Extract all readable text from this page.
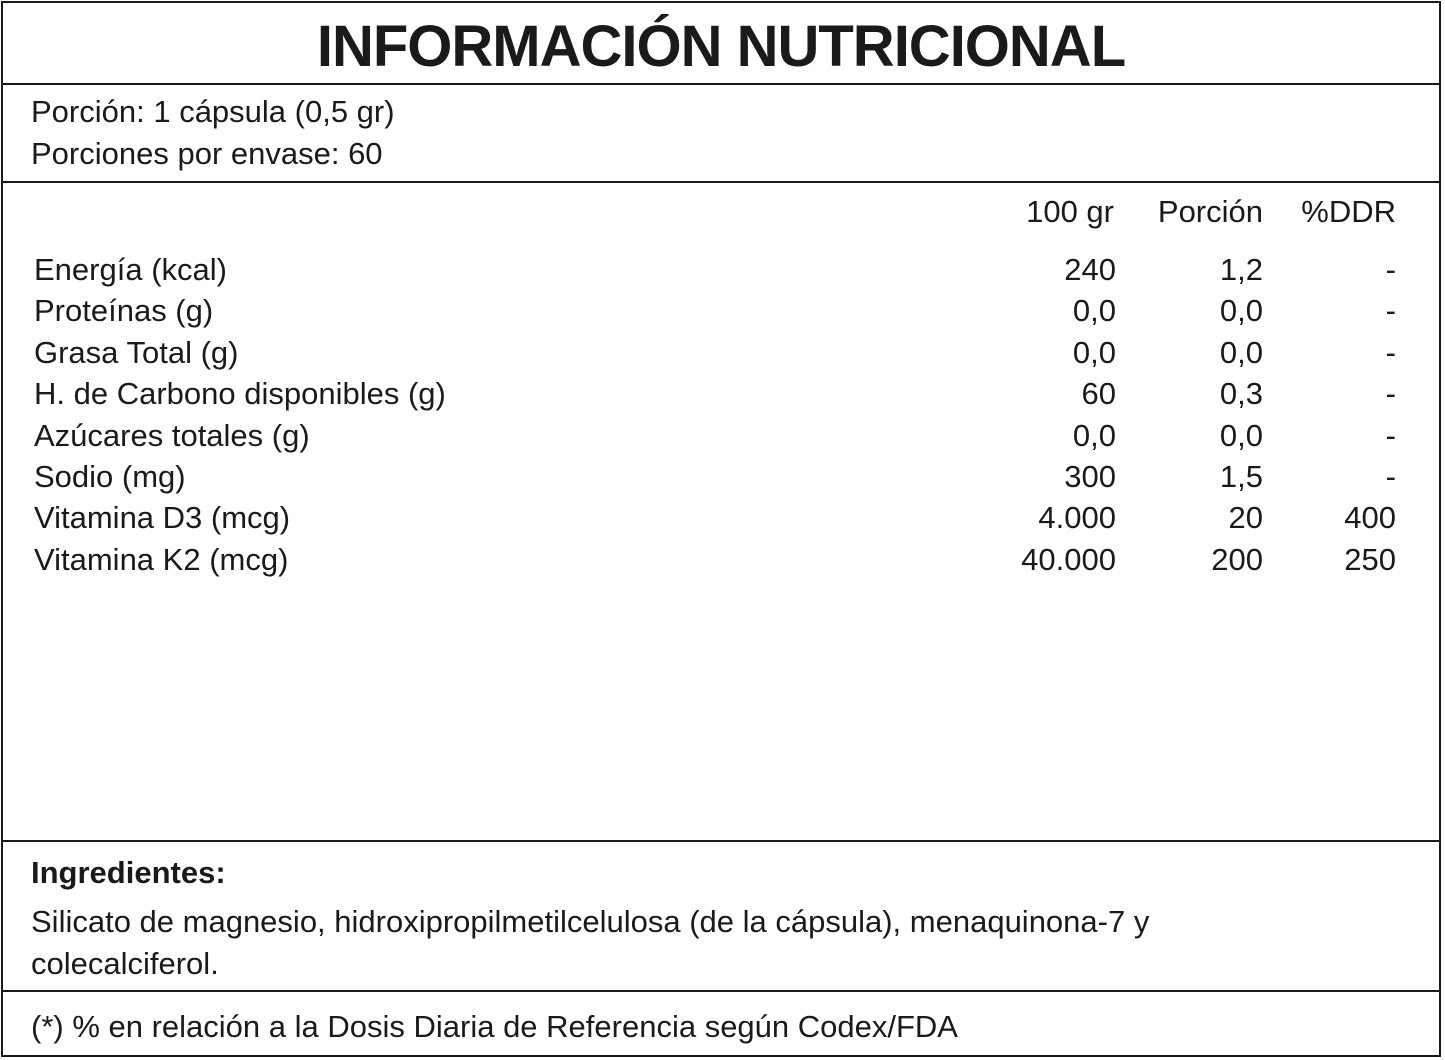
INFORMACIÓN NUTRICIONAL
Porción: 1 cápsula (0,5 gr)
Porciones por envase: 60
100 gr Porción %DDR
Energía (kcal)	240	1,2	-
Proteínas (g)	0,0	0,0	-
Grasa Total (g)	0,0	0,0	-
H. de Carbono disponibles (g)	60	0,3	-
Azúcares totales (g)	0,0	0,0	-
Sodio (mg)	300	1,5	-
Vitamina D3 (mcg)	4.000	20	400
Vitamina K2 (mcg)	40.000	200	250
Ingredientes:
Silicato de magnesio, hidroxipropilmetilcelulosa (de la cápsula), menaquinona-7 y colecalciferol.
(*) % en relación a la Dosis Diaria de Referencia según Codex/FDA
